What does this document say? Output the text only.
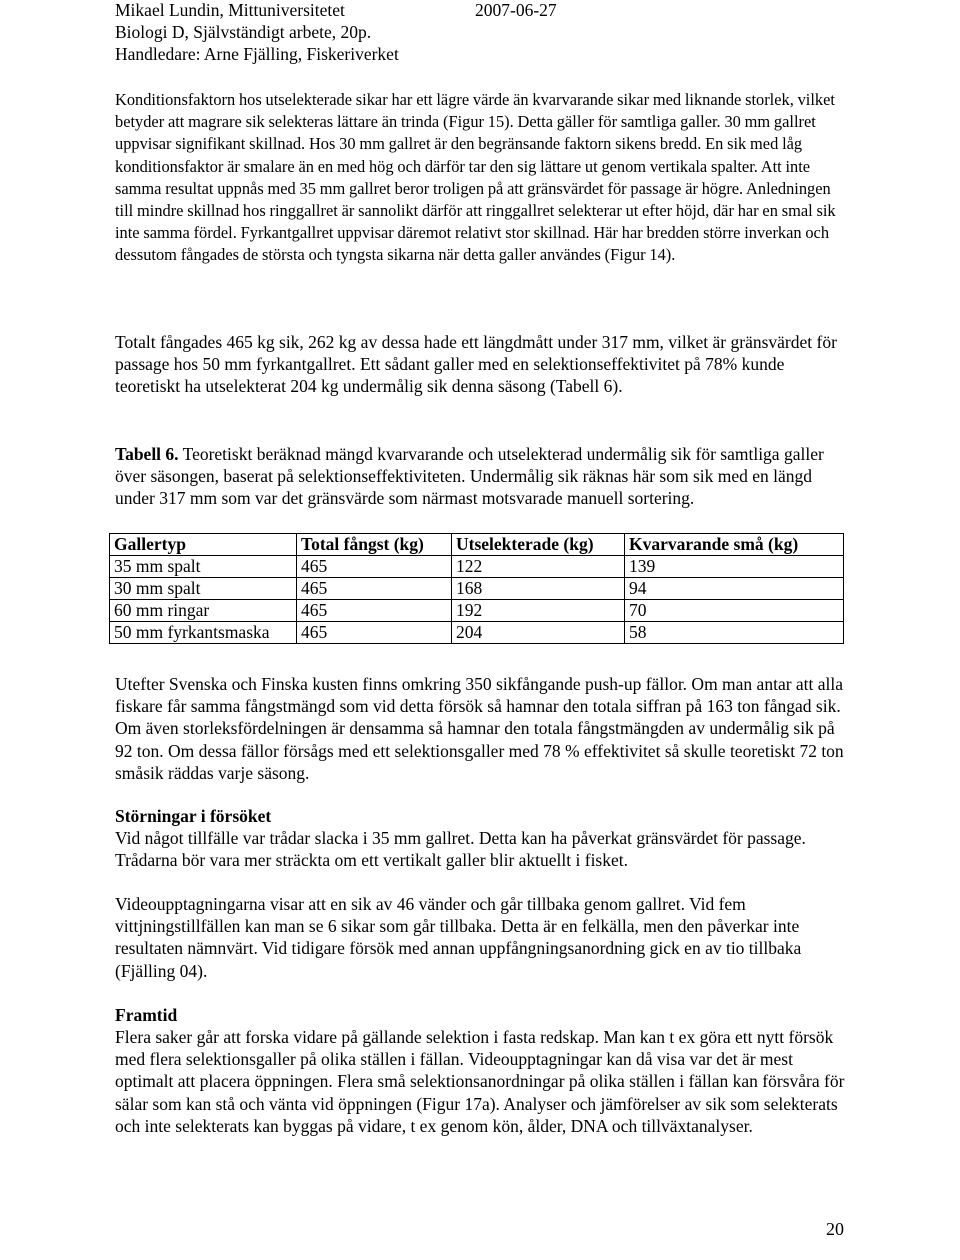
Mikael Lundin, Mittuniversitetet	2007-06-27
Biologi D, Självständigt arbete, 20p.
Handledare: Arne Fjälling, Fiskeriverket
Konditionsfaktorn hos utselekterade sikar har ett lägre värde än kvarvarande sikar med liknande storlek, vilket betyder att magrare sik selekteras lättare än trinda (Figur 15). Detta gäller för samtliga galler. 30 mm gallret uppvisar signifikant skillnad. Hos 30 mm gallret är den begränsande faktorn sikens bredd. En sik med låg konditionsfaktor är smalare än en med hög och därför tar den sig lättare ut genom vertikala spalter. Att inte samma resultat uppnås med 35 mm gallret beror troligen på att gränsvärdet för passage är högre. Anledningen till mindre skillnad hos ringgallret är sannolikt därför att ringgallret selekterar ut efter höjd, där har en smal sik inte samma fördel. Fyrkantgallret uppvisar däremot relativt stor skillnad. Här har bredden större inverkan och dessutom fångades de största och tyngsta sikarna när detta galler användes (Figur 14).
Totalt fångades 465 kg sik, 262 kg av dessa hade ett längdmått under 317 mm, vilket är gränsvärdet för passage hos 50 mm fyrkantgallret. Ett sådant galler med en selektionseffektivitet på 78% kunde teoretiskt ha utselekterat 204 kg undermålig sik denna säsong (Tabell 6).
Tabell 6. Teoretiskt beräknad mängd kvarvarande och utselekterad undermålig sik för samtliga galler över säsongen, baserat på selektionseffektiviteten. Undermålig sik räknas här som sik med en längd under 317 mm som var det gränsvärde som närmast motsvarade manuell sortering.
Gallertyp	Total fångst (kg)	Utselekterade (kg)	Kvarvarande små (kg)
35 mm spalt	465	122	139
30 mm spalt	465	168	94
60 mm ringar	465	192	70
50 mm fyrkantsmaska	465	204	58
Utefter Svenska och Finska kusten finns omkring 350 sikfångande push-up fällor. Om man antar att alla fiskare får samma fångstmängd som vid detta försök så hamnar den totala siffran på 163 ton fångad sik. Om även storleksfördelningen är densamma så hamnar den totala fångstmängden av undermålig sik på 92 ton. Om dessa fällor försågs med ett selektionsgaller med 78 % effektivitet så skulle teoretiskt 72 ton småsik räddas varje säsong.
Störningar i försöket
Vid något tillfälle var trådar slacka i 35 mm gallret. Detta kan ha påverkat gränsvärdet för passage. Trådarna bör vara mer sträckta om ett vertikalt galler blir aktuellt i fisket.
Videoupptagningarna visar att en sik av 46 vänder och går tillbaka genom gallret. Vid fem vittjningstillfällen kan man se 6 sikar som går tillbaka. Detta är en felkälla, men den påverkar inte resultaten nämnvärt. Vid tidigare försök med annan uppfångningsanordning gick en av tio tillbaka (Fjälling 04).
Framtid
Flera saker går att forska vidare på gällande selektion i fasta redskap. Man kan t ex göra ett nytt försök med flera selektionsgaller på olika ställen i fällan. Videoupptagningar kan då visa var det är mest optimalt att placera öppningen. Flera små selektionsanordningar på olika ställen i fällan kan försvåra för sälar som kan stå och vänta vid öppningen (Figur 17a). Analyser och jämförelser av sik som selekterats och inte selekterats kan byggas på vidare, t ex genom kön, ålder, DNA och tillväxtanalyser.
20
